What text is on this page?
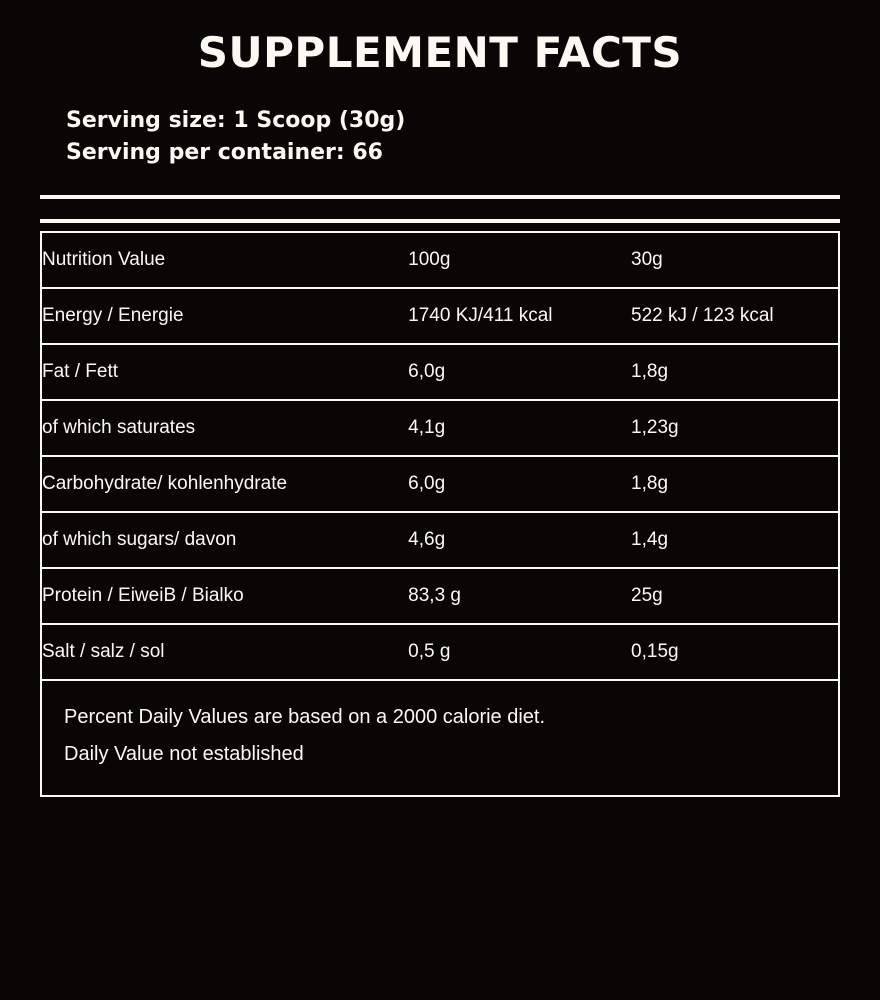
SUPPLEMENT FACTS
Serving size: 1 Scoop (30g)
Serving per container: 66
Nutrition Value	100g	30g
Energy / Energie	1740 KJ/411 kcal	522 kJ / 123 kcal
Fat / Fett	6,0g	1,8g
of which saturates	4,1g	1,23g
Carbohydrate/ kohlenhydrate	6,0g	1,8g
of which sugars/ davon	4,6g	1,4g
Protein / EiweiB / Bialko	83,3 g	25g
Salt / salz / sol	0,5 g	0,15g
Percent Daily Values are based on a 2000 calorie diet.
Daily Value not established
